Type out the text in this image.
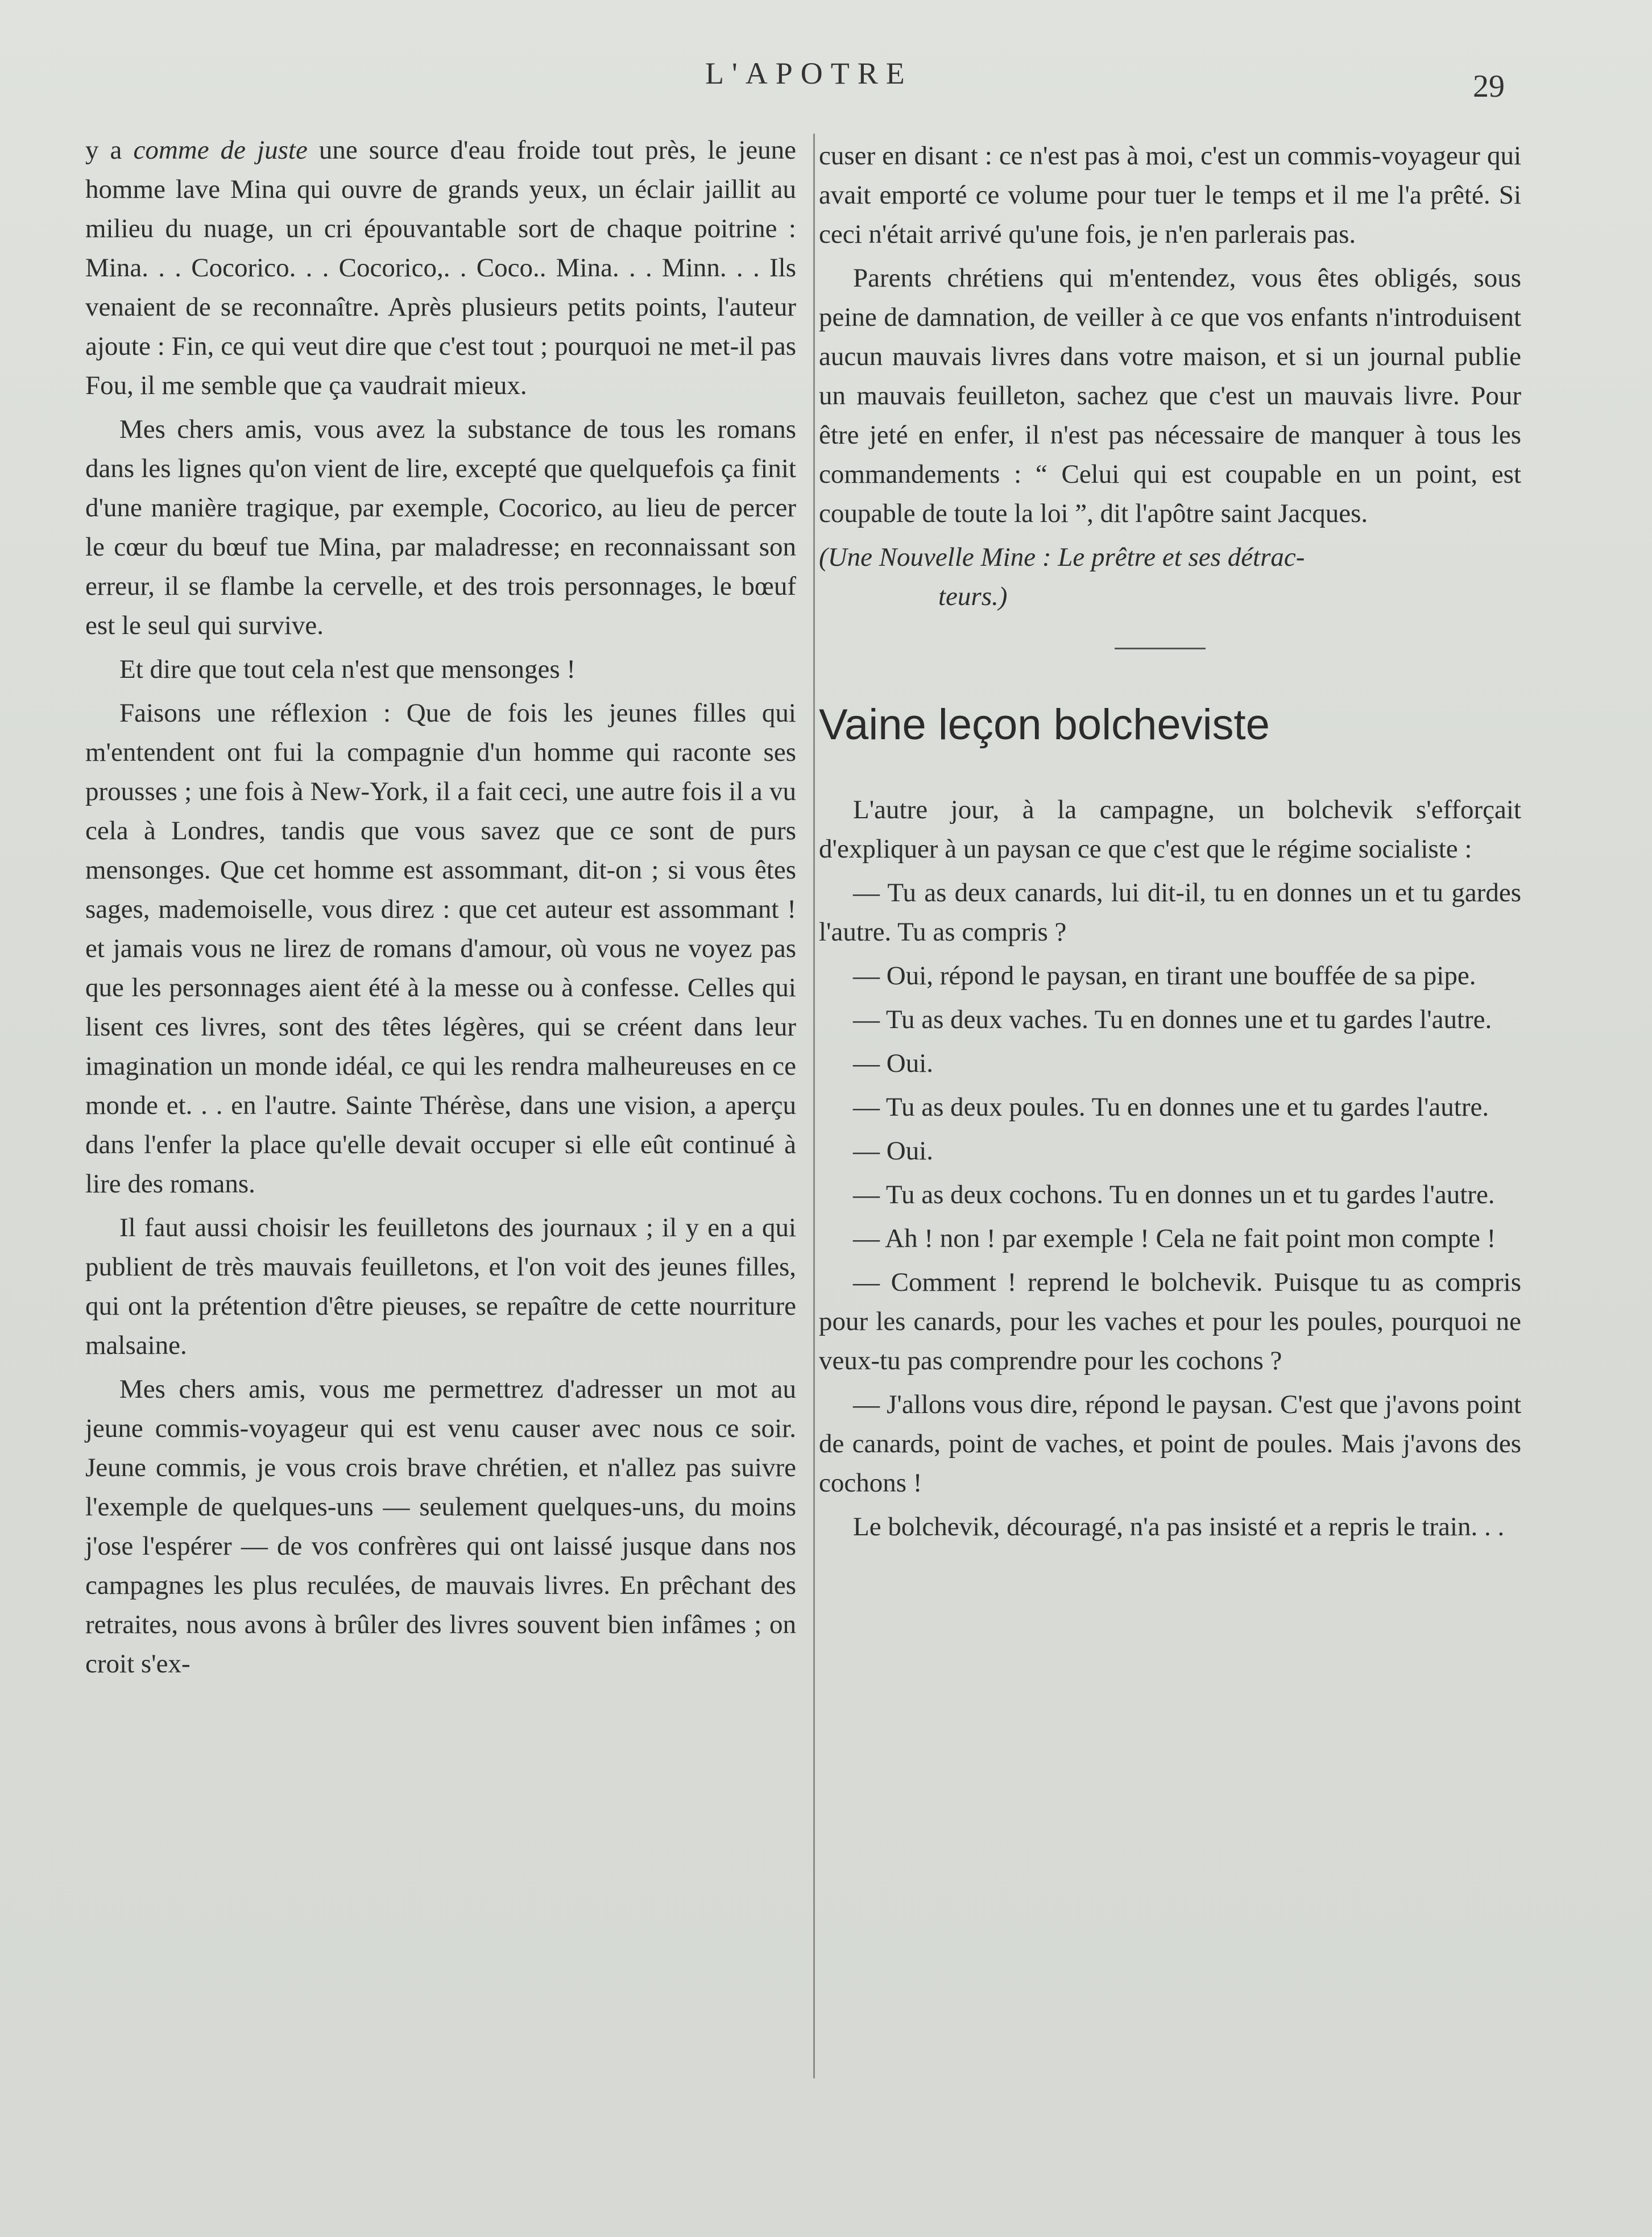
L'APOTRE	29

y a comme de juste une source d'eau froide tout près, le jeune homme lave Mina qui ouvre de grands yeux, un éclair jaillit au milieu du nuage, un cri épouvantable sort de chaque poitrine : Mina. . . Cocorico. . . Cocorico,. . Coco.. Mina. . . Minn. . . Ils venaient de se reconnaître. Après plusieurs petits points, l'auteur ajoute : Fin, ce qui veut dire que c'est tout ; pourquoi ne met-il pas Fou, il me semble que ça vaudrait mieux.

Mes chers amis, vous avez la substance de tous les romans dans les lignes qu'on vient de lire, excepté que quelquefois ça finit d'une manière tragique, par exemple, Cocorico, au lieu de percer le cœur du bœuf tue Mina, par maladresse; en reconnaissant son erreur, il se flambe la cervelle, et des trois personnages, le bœuf est le seul qui survive.

Et dire que tout cela n'est que mensonges !

Faisons une réflexion : Que de fois les jeunes filles qui m'entendent ont fui la compagnie d'un homme qui raconte ses prousses ; une fois à New-York, il a fait ceci, une autre fois il a vu cela à Londres, tandis que vous savez que ce sont de purs mensonges. Que cet homme est assommant, dit-on ; si vous êtes sages, mademoiselle, vous direz : que cet auteur est assommant ! et jamais vous ne lirez de romans d'amour, où vous ne voyez pas que les personnages aient été à la messe ou à confesse. Celles qui lisent ces livres, sont des têtes légères, qui se créent dans leur imagination un monde idéal, ce qui les rendra malheureuses en ce monde et. . . en l'autre. Sainte Thérèse, dans une vision, a aperçu dans l'enfer la place qu'elle devait occuper si elle eût continué à lire des romans.

Il faut aussi choisir les feuilletons des journaux ; il y en a qui publient de très mauvais feuilletons, et l'on voit des jeunes filles, qui ont la prétention d'être pieuses, se repaître de cette nourriture malsaine.

Mes chers amis, vous me permettrez d'adresser un mot au jeune commis-voyageur qui est venu causer avec nous ce soir. Jeune commis, je vous crois brave chrétien, et n'allez pas suivre l'exemple de quelques-uns — seulement quelques-uns, du moins j'ose l'espérer — de vos confrères qui ont laissé jusque dans nos campagnes les plus reculées, de mauvais livres. En prêchant des retraites, nous avons à brûler des livres souvent bien infâmes ; on croit s'ex-

cuser en disant : ce n'est pas à moi, c'est un commis-voyageur qui avait emporté ce volume pour tuer le temps et il me l'a prêté. Si ceci n'était arrivé qu'une fois, je n'en parlerais pas.

Parents chrétiens qui m'entendez, vous êtes obligés, sous peine de damnation, de veiller à ce que vos enfants n'introduisent aucun mauvais livres dans votre maison, et si un journal publie un mauvais feuilleton, sachez que c'est un mauvais livre. Pour être jeté en enfer, il n'est pas nécessaire de manquer à tous les commandements : “ Celui qui est coupable en un point, est coupable de toute la loi ”, dit l'apôtre saint Jacques.

(Une Nouvelle Mine : Le prêtre et ses détrac-
teurs.)

Vaine leçon bolcheviste

L'autre jour, à la campagne, un bolchevik s'efforçait d'expliquer à un paysan ce que c'est que le régime socialiste :

— Tu as deux canards, lui dit-il, tu en donnes un et tu gardes l'autre. Tu as compris ?

— Oui, répond le paysan, en tirant une bouffée de sa pipe.

— Tu as deux vaches. Tu en donnes une et tu gardes l'autre.

— Oui.

— Tu as deux poules. Tu en donnes une et tu gardes l'autre.

— Oui.

— Tu as deux cochons. Tu en donnes un et tu gardes l'autre.

— Ah ! non ! par exemple ! Cela ne fait point mon compte !

— Comment ! reprend le bolchevik. Puisque tu as compris pour les canards, pour les vaches et pour les poules, pourquoi ne veux-tu pas comprendre pour les cochons ?

— J'allons vous dire, répond le paysan. C'est que j'avons point de canards, point de vaches, et point de poules. Mais j'avons des cochons !

Le bolchevik, découragé, n'a pas insisté et a repris le train. . .
